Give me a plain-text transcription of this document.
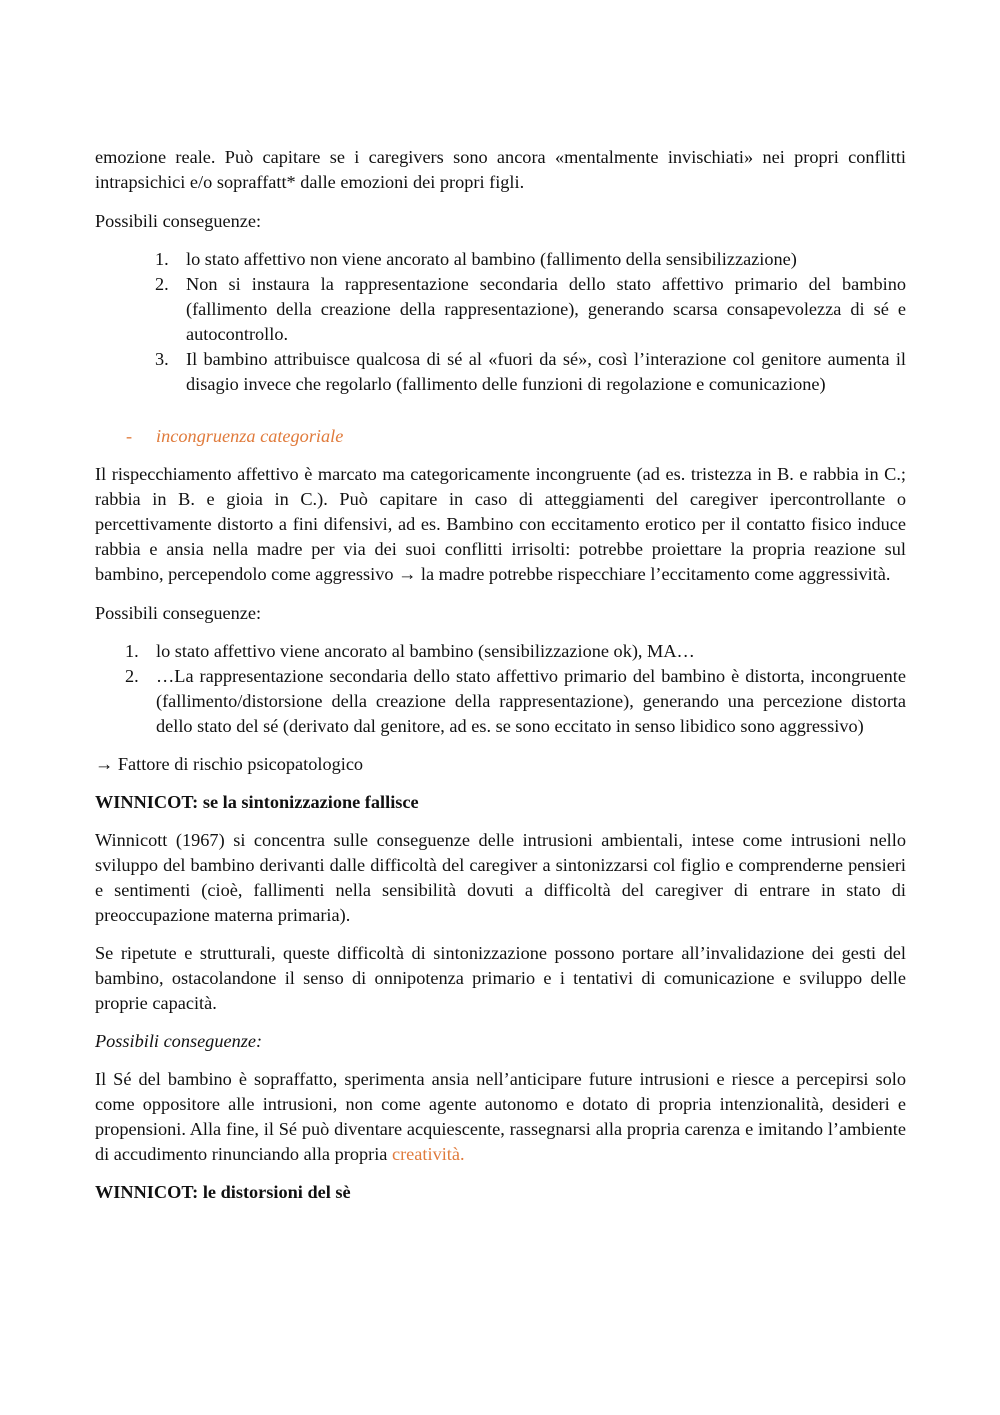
emozione reale. Può capitare se i caregivers sono ancora «mentalmente invischiati» nei propri conflitti intrapsichici e/o sopraffatt* dalle emozioni dei propri figli.

Possibili conseguenze:

1. lo stato affettivo non viene ancorato al bambino (fallimento della sensibilizzazione)
2. Non si instaura la rappresentazione secondaria dello stato affettivo primario del bambino (fallimento della creazione della rappresentazione), generando scarsa consapevolezza di sé e autocontrollo.
3. Il bambino attribuisce qualcosa di sé al «fuori da sé», così l’interazione col genitore aumenta il disagio invece che regolarlo (fallimento delle funzioni di regolazione e comunicazione)
- incongruenza categoriale

Il rispecchiamento affettivo è marcato ma categoricamente incongruente (ad es. tristezza in B. e rabbia in C.; rabbia in B. e gioia in C.). Può capitare in caso di atteggiamenti del caregiver ipercontrollante o percettivamente distorto a fini difensivi, ad es. Bambino con eccitamento erotico per il contatto fisico induce rabbia e ansia nella madre per via dei suoi conflitti irrisolti: potrebbe proiettare la propria reazione sul bambino, percependolo come aggressivo → la madre potrebbe rispecchiare l’eccitamento come aggressività.

Possibili conseguenze:

1. lo stato affettivo viene ancorato al bambino (sensibilizzazione ok), MA…
2. …La rappresentazione secondaria dello stato affettivo primario del bambino è distorta, incongruente (fallimento/distorsione della creazione della rappresentazione), generando una percezione distorta dello stato del sé (derivato dal genitore, ad es. se sono eccitato in senso libidico sono aggressivo)

→ Fattore di rischio psicopatologico

WINNICOT: se la sintonizzazione fallisce

Winnicott (1967) si concentra sulle conseguenze delle intrusioni ambientali, intese come intrusioni nello sviluppo del bambino derivanti dalle difficoltà del caregiver a sintonizzarsi col figlio e comprenderne pensieri e sentimenti (cioè, fallimenti nella sensibilità dovuti a difficoltà del caregiver di entrare in stato di preoccupazione materna primaria).

Se ripetute e strutturali, queste difficoltà di sintonizzazione possono portare all’invalidazione dei gesti del bambino, ostacolandone il senso di onnipotenza primario e i tentativi di comunicazione e sviluppo delle proprie capacità.

Possibili conseguenze:

Il Sé del bambino è sopraffatto, sperimenta ansia nell’anticipare future intrusioni e riesce a percepirsi solo come oppositore alle intrusioni, non come agente autonomo e dotato di propria intenzionalità, desideri e propensioni. Alla fine, il Sé può diventare acquiescente, rassegnarsi alla propria carenza e imitando l’ambiente di accudimento rinunciando alla propria creatività.

WINNICOT: le distorsioni del sè
